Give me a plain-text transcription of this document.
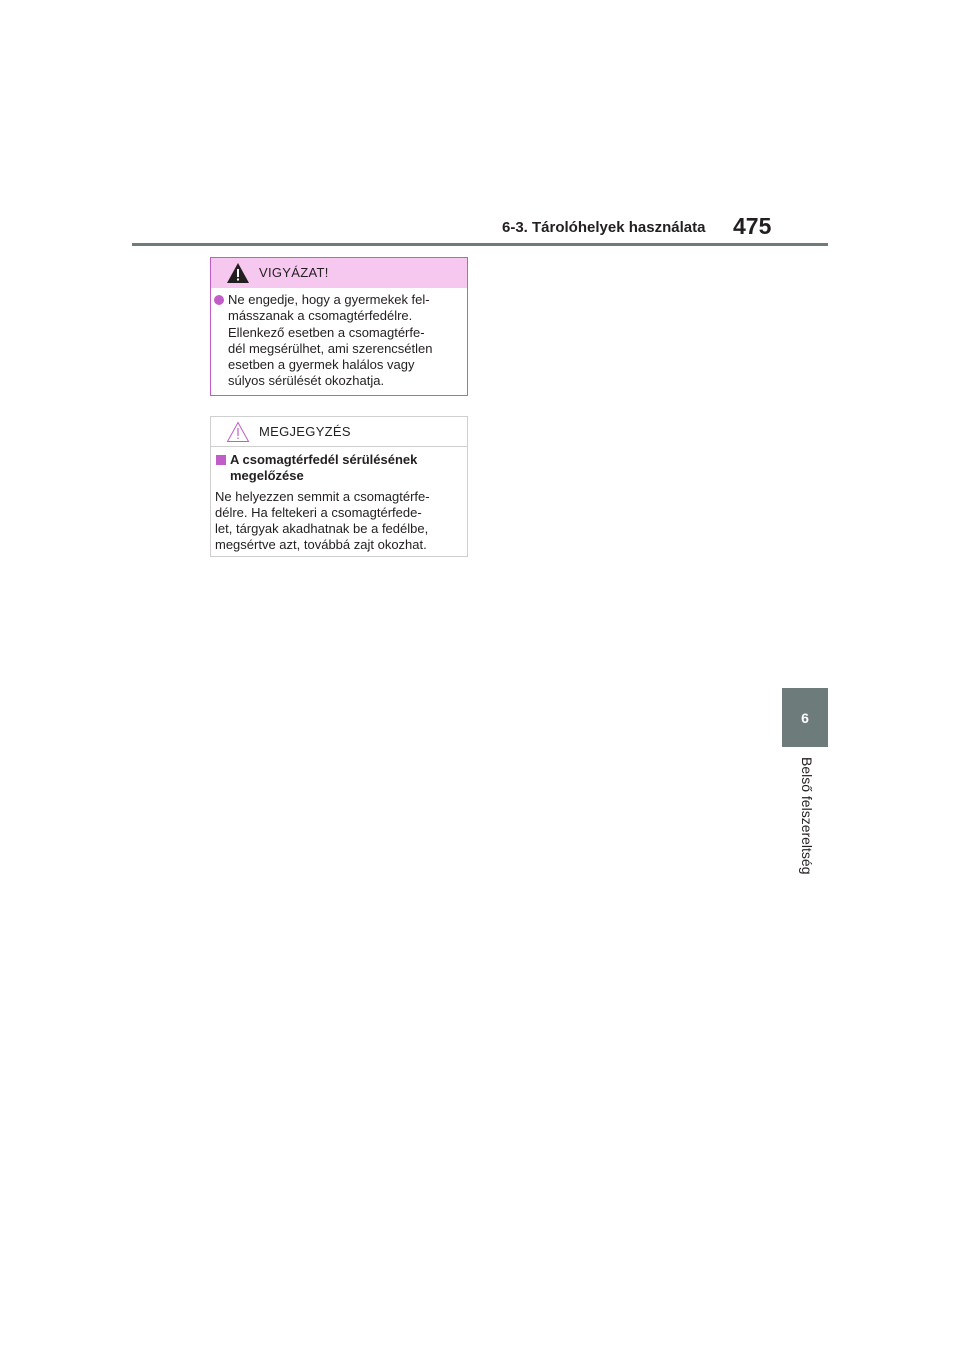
6-3. Tárolóhelyek használata 475
6
Belső felszereltség
VIGYÁZAT!
Ne engedje, hogy a gyermekek fel-
másszanak a csomagtérfedélre.
Ellenkező esetben a csomagtérfe-
dél megsérülhet, ami szerencsétlen
esetben a gyermek halálos vagy
súlyos sérülését okozhatja.
MEGJEGYZÉS
A csomagtérfedél sérülésének
megelőzése
Ne helyezzen semmit a csomagtérfe-
délre. Ha feltekeri a csomagtérfede-
let, tárgyak akadhatnak be a fedélbe,
megsértve azt, továbbá zajt okozhat.
